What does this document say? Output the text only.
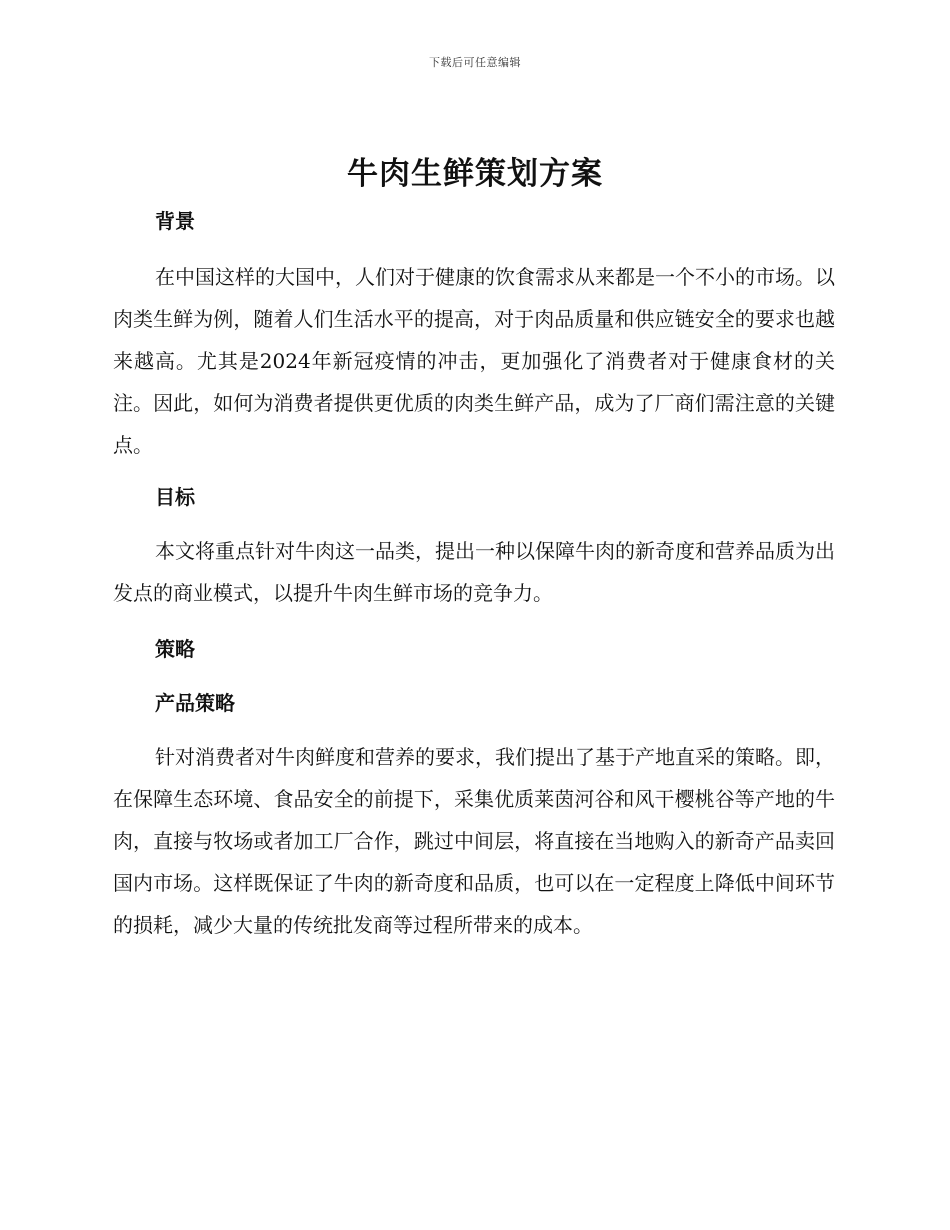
下载后可任意编辑
牛肉生鲜策划方案
背景

在中国这样的大国中，人们对于健康的饮食需求从来都是一个不小的市场。以肉类生鲜为例，随着人们生活水平的提高，对于肉品质量和供应链安全的要求也越来越高。尤其是2024年新冠疫情的冲击，更加强化了消费者对于健康食材的关注。因此，如何为消费者提供更优质的肉类生鲜产品，成为了厂商们需注意的关键点。

目标

本文将重点针对牛肉这一品类，提出一种以保障牛肉的新奇度和营养品质为出发点的商业模式，以提升牛肉生鲜市场的竞争力。

策略
产品策略

针对消费者对牛肉鲜度和营养的要求，我们提出了基于产地直采的策略。即，在保障生态环境、食品安全的前提下，采集优质莱茵河谷和风干樱桃谷等产地的牛肉，直接与牧场或者加工厂合作，跳过中间层，将直接在当地购入的新奇产品卖回国内市场。这样既保证了牛肉的新奇度和品质，也可以在一定程度上降低中间环节的损耗，减少大量的传统批发商等过程所带来的成本。
